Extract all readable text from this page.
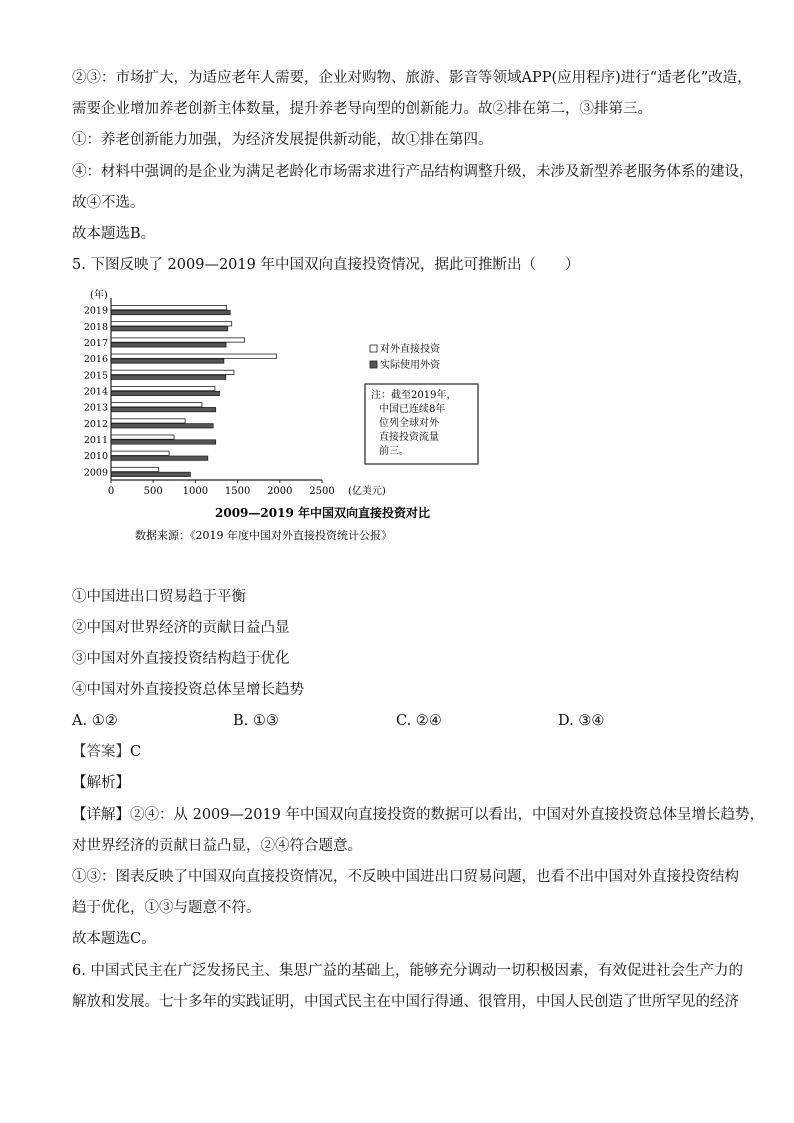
②③：市场扩大，为适应老年人需要，企业对购物、旅游、影音等领域APP(应用程序)进行“适老化”改造，
需要企业增加养老创新主体数量，提升养老导向型的创新能力。故②排在第二，③排第三。
①：养老创新能力加强，为经济发展提供新动能，故①排在第四。
④：材料中强调的是企业为满足老龄化市场需求进行产品结构调整升级，未涉及新型养老服务体系的建设，
故④不选。
故本题选B。
5. 下图反映了 2009—2019 年中国双向直接投资情况，据此可推断出（　　）
0	500 1000 1500 2000 2500
2009
2010
2011
2012
2013
2014
2015
2016
2017
2018
2019
(年)
(亿美元)
对外直接投资
实际使用外资
注：截至2019年，
中国已连续8年
位列全球对外
直接投资流量
前三。
2009—2019 年中国双向直接投资对比
数据来源：《2019 年度中国对外直接投资统计公报》
①中国进出口贸易趋于平衡
②中国对世界经济的贡献日益凸显
③中国对外直接投资结构趋于优化
④中国对外直接投资总体呈增长趋势
A. ①②	B. ①③	C. ②④	D. ③④
【答案】C
【解析】
【详解】②④：从 2009—2019 年中国双向直接投资的数据可以看出，中国对外直接投资总体呈增长趋势，
对世界经济的贡献日益凸显，②④符合题意。
①③：图表反映了中国双向直接投资情况，不反映中国进出口贸易问题，也看不出中国对外直接投资结构
趋于优化，①③与题意不符。
故本题选C。
6. 中国式民主在广泛发扬民主、集思广益的基础上，能够充分调动一切积极因素，有效促进社会生产力的
解放和发展。七十多年的实践证明，中国式民主在中国行得通、很管用，中国人民创造了世所罕见的经济
